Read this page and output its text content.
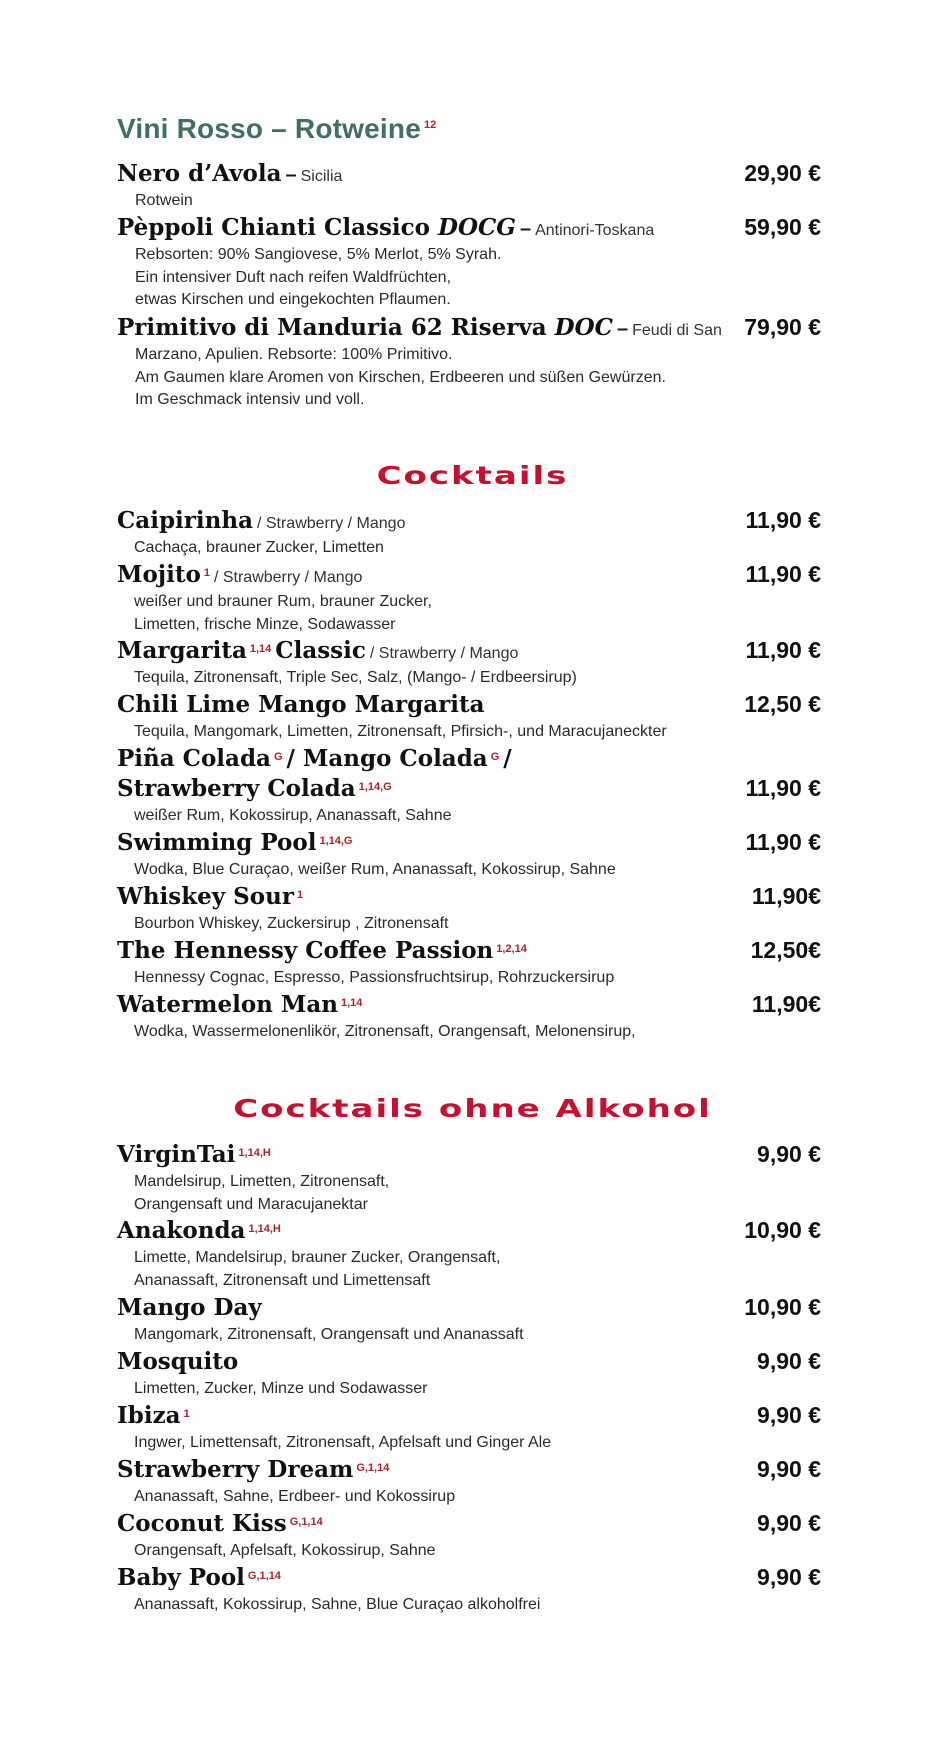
Vini Rosso – Rotweine $^{12}$
Nero d’Avola – Sicilia	29,90 €
Rotwein
Pèppoli Chianti Classico DOCG – Antinori-Toskana	59,90 €
Rebsorten: 90% Sangiovese, 5% Merlot, 5% Syrah.
Ein intensiver Duft nach reifen Waldfrüchten,
etwas Kirschen und eingekochten Pflaumen.
Primitivo di Manduria 62 Riserva DOC – Feudi di San 79,90 €
Marzano, Apulien. Rebsorte: 100% Primitivo.
Am Gaumen klare Aromen von Kirschen, Erdbeeren und süßen Gewürzen.
Im Geschmack intensiv und voll.
Cocktails
Caipirinha / Strawberry / Mango	11,90 €
Cachaça, brauner Zucker, Limetten
Mojito $^1$ / Strawberry / Mango	11,90 €
weißer und brauner Rum, brauner Zucker,
Limetten, frische Minze, Sodawasser
Margarita $^{1,14}$ Classic / Strawberry / Mango	11,90 €
Tequila, Zitronensaft, Triple Sec, Salz, (Mango- / Erdbeersirup)
Chili Lime Mango Margarita	12,50 €
Tequila, Mangomark, Limetten, Zitronensaft, Pfirsich-, und Maracujaneckter
Piña Colada $^G$ / Mango Colada $^G$ /
Strawberry Colada $^{1,14,G}$	11,90 €
weißer Rum, Kokossirup, Ananassaft, Sahne
Swimming Pool $^{1,14,G}$	11,90 €
Wodka, Blue Curaçao, weißer Rum, Ananassaft, Kokossirup, Sahne
Whiskey Sour $^1$	11,90€
Bourbon Whiskey, Zuckersirup , Zitronensaft
The Hennessy Coffee Passion $^{1,2,14}$	12,50€
Hennessy Cognac, Espresso, Passionsfruchtsirup, Rohrzuckersirup
Watermelon Man $^{1,14}$	11,90€
Wodka, Wassermelonenlikör, Zitronensaft, Orangensaft, Melonensirup,
Cocktails ohne Alkohol
VirginTai $^{1,14,H}$	9,90 €
Mandelsirup, Limetten, Zitronensaft,
Orangensaft und Maracujanektar
Anakonda $^{1,14,H}$	10,90 €
Limette, Mandelsirup, brauner Zucker, Orangensaft,
Ananassaft, Zitronensaft und Limettensaft
Mango Day	10,90 €
Mangomark, Zitronensaft, Orangensaft und Ananassaft
Mosquito	9,90 €
Limetten, Zucker, Minze und Sodawasser
Ibiza $^1$	9,90 €
Ingwer, Limettensaft, Zitronensaft, Apfelsaft und Ginger Ale
Strawberry Dream $^{G,1,14}$	9,90 €
Ananassaft, Sahne, Erdbeer- und Kokossirup
Coconut Kiss $^{G,1,14}$	9,90 €
Orangensaft, Apfelsaft, Kokossirup, Sahne
Baby Pool $^{G,1,14}$	9,90 €
Ananassaft, Kokossirup, Sahne, Blue Curaçao alkoholfrei
